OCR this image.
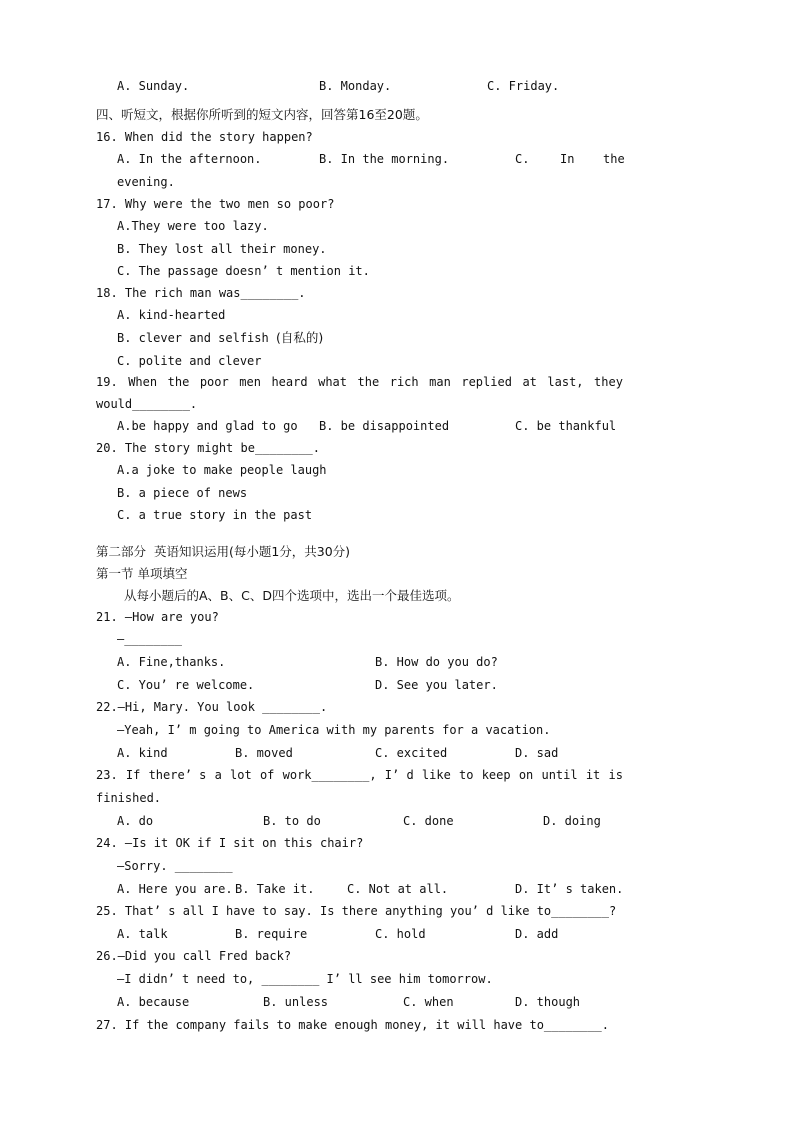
A. Sunday.	B. Monday.	C. Friday.
四、听短文，根据你所听到的短文内容，回答第16至20题。
16. When did the story happen?
A. In the afternoon.	B. In the morning.	C.	In the
evening.
17. Why were the two men so poor?
A.They were too lazy.
B. They lost all their money.
C. The passage doesn’ t mention it.
18. The rich man was________.
A. kind-hearted
B. clever and selfish (自私的)
C. polite and clever
19. When the poor men heard what the rich man replied at last, they
would________.
A.be happy and glad to go B. be disappointed	C. be thankful
20. The story might be________.
A.a joke to make people laugh
B. a piece of news
C. a true story in the past
第二部分  英语知识运用(每小题1分，共30分)
第一节 单项填空
从每小题后的A、B、C、D四个选项中，选出一个最佳选项。
21. —How are you?
—________
A. Fine,thanks.	B. How do you do?
C. You’ re welcome.	D. See you later.
22.—Hi, Mary. You look ________.
—Yeah, I’ m going to America with my parents for a vacation.
A. kind	B. moved	C. excited	D. sad
23. If there’ s a lot of work________, I’ d like to keep on until it is
finished.
A. do	B. to do	C. done	D. doing
24. —Is it OK if I sit on this chair?
—Sorry. ________
A. Here you are. B. Take it.	C. Not at all.	D. It’ s taken.
25. That’ s all I have to say. Is there anything you’ d like to________?
A. talk	B. require	C. hold	D. add
26.—Did you call Fred back?
—I didn’ t need to, ________ I’ ll see him tomorrow.
A. because	B. unless	C. when	D. though
27. If the company fails to make enough money, it will have to________.
